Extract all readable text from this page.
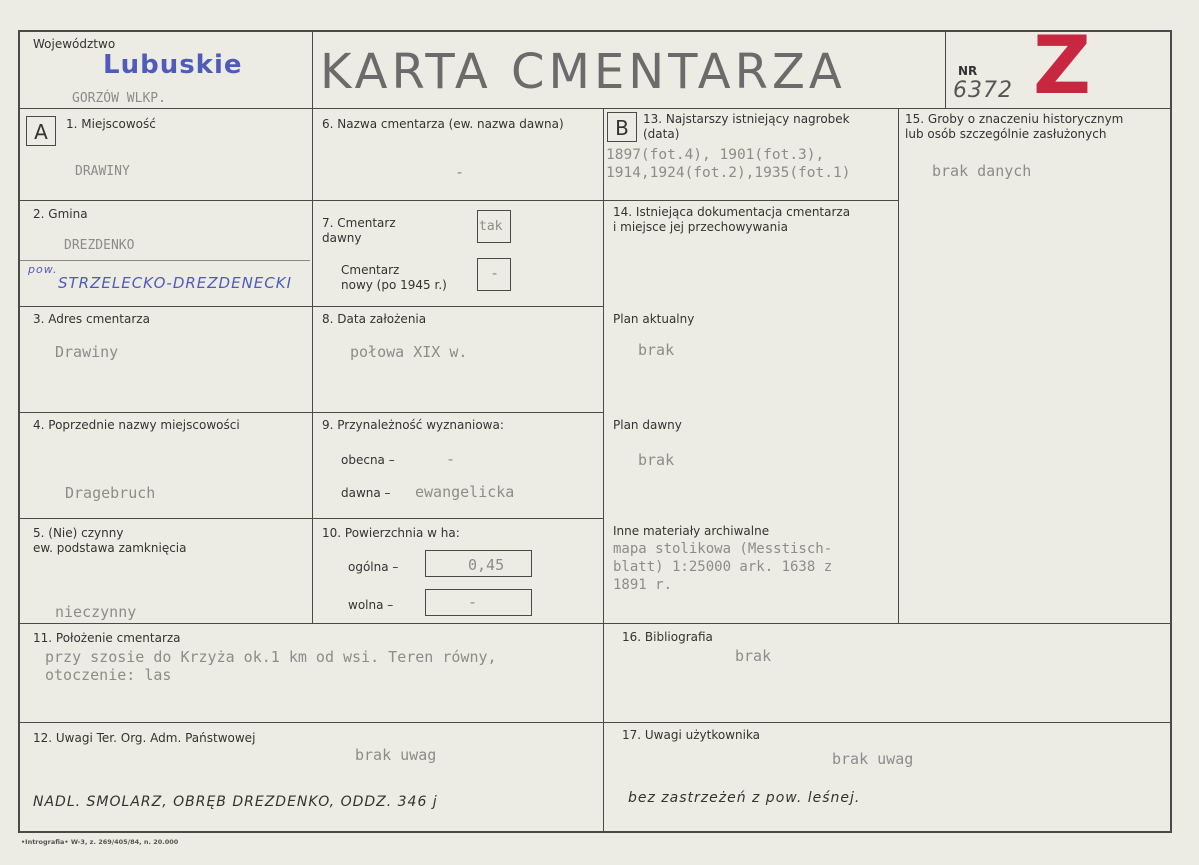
Województwo
Lubuskie
GORZÓW WLKP.	KARTA CMENTARZA	NR
6372 Z
A	1. Miejscowość
DRAWINY
2. Gmina
DREZDENKO
pow.
STRZELECKO-DREZDENECKI
3. Adres cmentarza
Drawiny
4. Poprzednie nazwy miejscowości
Dragebruch
5. (Nie) czynny
ew. podstawa zamknięcia
nieczynny
6. Nazwa cmentarza (ew. nazwa dawna)
-
7. Cmentarz
dawny
tak
Cmentarz
nowy (po 1945 r.)
-
8. Data założenia
połowa XIX w.
9. Przynależność wyznaniowa:
obecna –	-
dawna – ewangelicka
10. Powierzchnia w ha:
ogólna –	0,45
wolna –	-
B	13. Najstarszy istniejący nagrobek
(data)
1897(fot.4), 1901(fot.3),
1914,1924(fot.2),1935(fot.1)
14. Istniejąca dokumentacja cmentarza
i miejsce jej przechowywania
Plan aktualny
brak
Plan dawny
brak
Inne materiały archiwalne
mapa stolikowa (Messtisch-
blatt) 1:25000 ark. 1638 z
1891 r.
15. Groby o znaczeniu historycznym
lub osób szczególnie zasłużonych
brak danych
11. Położenie cmentarza
przy szosie do Krzyża ok.1 km od wsi. Teren równy,
otoczenie: las
16. Bibliografia
brak
12. Uwagi Ter. Org. Adm. Państwowej
brak uwag
NADL. SMOLARZ, OBRĘB DREZDENKO, ODDZ. 346 j
17. Uwagi użytkownika
brak uwag
bez zastrzeżeń z pow. leśnej.
•Intrografia• W-3, z. 269/405/84, n. 20.000
